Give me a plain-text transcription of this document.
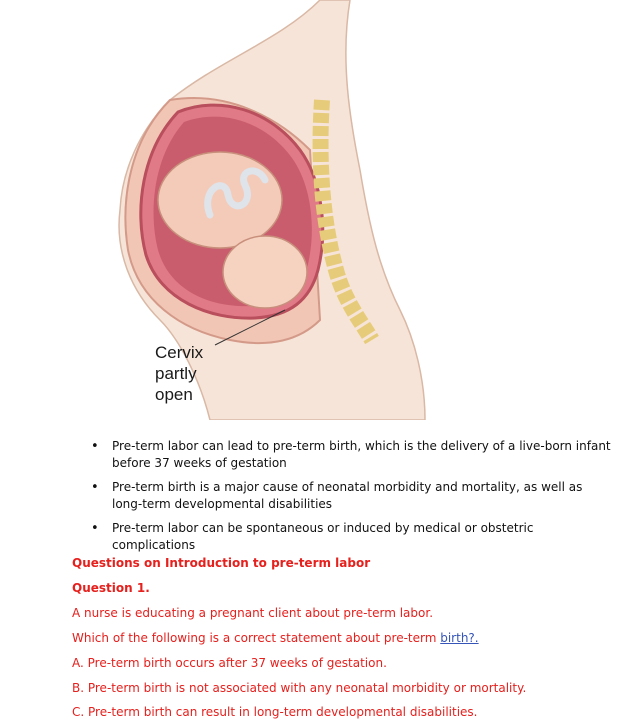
Cervix
partly
open
• Pre-term labor can lead to pre-term birth, which is the delivery of a live-born infant before 37 weeks of gestation
• Pre-term birth is a major cause of neonatal morbidity and mortality, as well as long-term developmental disabilities
• Pre-term labor can be spontaneous or induced by medical or obstetric complications
Questions on Introduction to pre-term labor
Question 1.
A nurse is educating a pregnant client about pre-term labor.
Which of the following is a correct statement about pre-term birth?.
A. Pre-term birth occurs after 37 weeks of gestation.
B. Pre-term birth is not associated with any neonatal morbidity or mortality.
C. Pre-term birth can result in long-term developmental disabilities.
